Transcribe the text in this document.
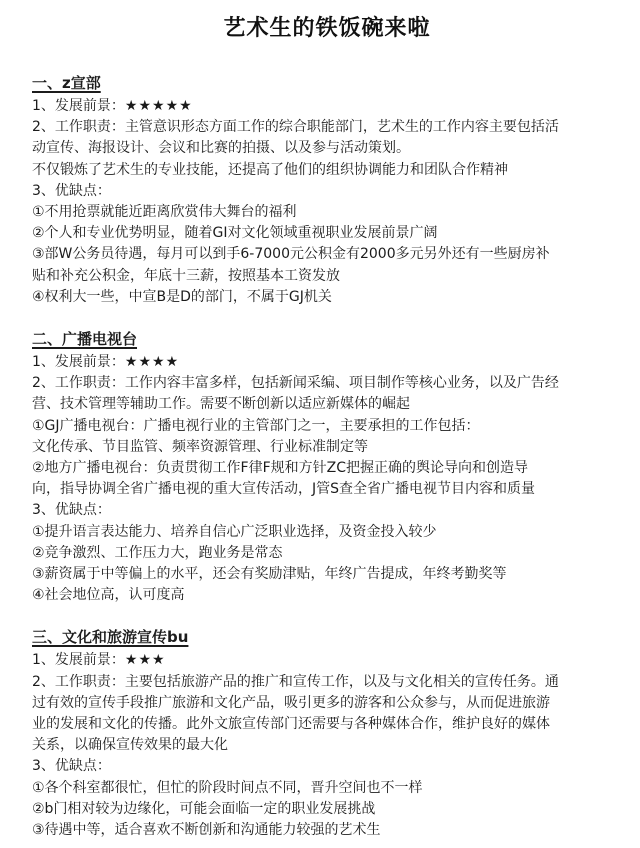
艺术生的铁饭碗来啦

一、z宣部

1、发展前景：★★★★★

2、工作职责：主管意识形态方面工作的综合职能部门，艺术生的工作内容主要包括活

动宣传、海报设计、会议和比赛的拍摄、以及参与活动策划。

不仅锻炼了艺术生的专业技能，还提高了他们的组织协调能力和团队合作精神

3、优缺点：

①不用抢票就能近距离欣赏伟大舞台的福利

②个人和专业优势明显，随着GI对文化领域重视职业发展前景广阔

③部W公务员待遇，每月可以到手6-7000元公积金有2000多元另外还有一些厨房补

贴和补充公积金，年底十三薪，按照基本工资发放

④权利大一些，中宣B是D的部门，不属于GJ机关

二、广播电视台

1、发展前景：★★★★

2、工作职责：工作内容丰富多样，包括新闻采编、项目制作等核心业务，以及广告经

营、技术管理等辅助工作。需要不断创新以适应新媒体的崛起

①GJ广播电视台：广播电视行业的主管部门之一，主要承担的工作包括：

文化传承、节目监管、频率资源管理、行业标准制定等

②地方广播电视台：负责贯彻工作F律F规和方针ZC把握正确的舆论导向和创造导

向，指导协调全省广播电视的重大宣传活动，J管S查全省广播电视节目内容和质量

3、优缺点：

①提升语言表达能力、培养自信心广泛职业选择，及资金投入较少

②竞争激烈、工作压力大，跑业务是常态

③薪资属于中等偏上的水平，还会有奖励津贴，年终广告提成，年终考勤奖等

④社会地位高，认可度高

三、文化和旅游宣传bu

1、发展前景：★★★

2、工作职责：主要包括旅游产品的推广和宣传工作，以及与文化相关的宣传任务。通

过有效的宣传手段推广旅游和文化产品，吸引更多的游客和公众参与，从而促进旅游

业的发展和文化的传播。此外文旅宣传部门还需要与各种媒体合作，维护良好的媒体

关系，以确保宣传效果的最大化

3、优缺点：

①各个科室都很忙，但忙的阶段时间点不同，晋升空间也不一样

②b门相对较为边缘化，可能会面临一定的职业发展挑战

③待遇中等，适合喜欢不断创新和沟通能力较强的艺术生
